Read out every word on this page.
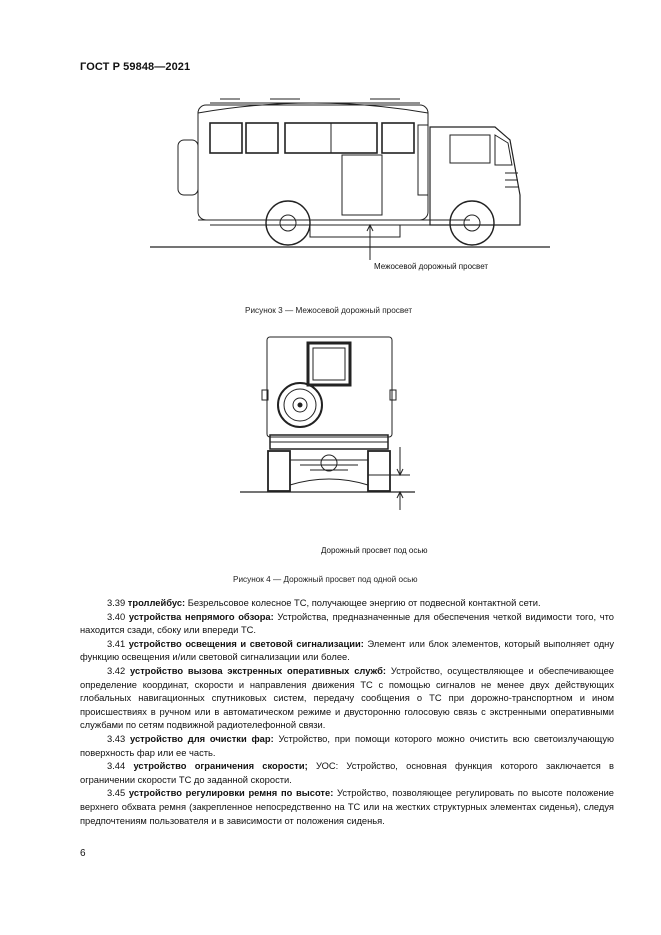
ГОСТ Р 59848—2021
Межосевой дорожный просвет
Рисунок 3 — Межосевой дорожный просвет
Дорожный просвет под осью
Рисунок 4 — Дорожный просвет под одной осью

3.39 троллейбус: Безрельсовое колесное ТС, получающее энергию от подвесной контактной сети.

3.40 устройства непрямого обзора: Устройства, предназначенные для обеспечения четкой видимости того, что находится сзади, сбоку или впереди ТС.

3.41 устройство освещения и световой сигнализации: Элемент или блок элементов, который выполняет одну функцию освещения и/или световой сигнализации или более.

3.42 устройство вызова экстренных оперативных служб: Устройство, осуществляющее и обеспечивающее определение координат, скорости и направления движения ТС с помощью сигналов не менее двух действующих глобальных навигационных спутниковых систем, передачу сообщения о ТС при дорожно-транспортном и ином происшествиях в ручном или в автоматическом режиме и двусторонню голосовую связь с экстренными оперативными службами по сетям подвижной радиотелефонной связи.

3.43 устройство для очистки фар: Устройство, при помощи которого можно очистить всю светоизлучающую поверхность фар или ее часть.

3.44 устройство ограничения скорости; УОС: Устройство, основная функция которого заключается в ограничении скорости ТС до заданной скорости.

3.45 устройство регулировки ремня по высоте: Устройство, позволяющее регулировать по высоте положение верхнего обхвата ремня (закрепленное непосредственно на ТС или на жестких структурных элементах сиденья), следуя предпочтениям пользователя и в зависимости от положения сиденья.

6
